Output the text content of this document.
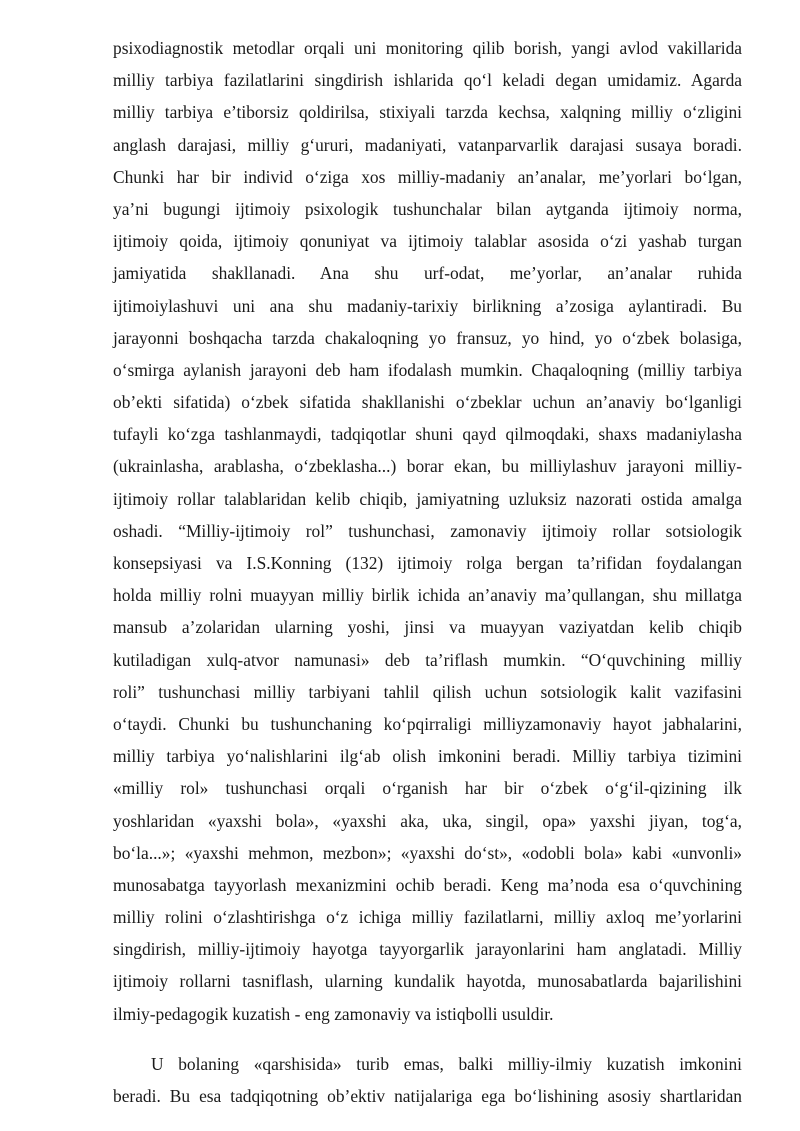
psixodiagnostik metodlar orqali uni monitoring qilib borish, yangi avlod vakillarida
milliy tarbiya fazilatlarini singdirish ishlarida qo‘l keladi degan umidamiz. Agarda
milliy tarbiya e’tiborsiz qoldirilsa, stixiyali tarzda kechsa, xalqning milliy o‘zligini
anglash darajasi, milliy g‘ururi, madaniyati, vatanparvarlik darajasi susaya boradi.
Chunki har bir individ o‘ziga xos milliy-madaniy an’analar, me’yorlari bo‘lgan,
ya’ni bugungi ijtimoiy psixologik tushunchalar bilan aytganda ijtimoiy norma,
ijtimoiy qoida, ijtimoiy qonuniyat va ijtimoiy talablar asosida o‘zi yashab turgan
jamiyatida shakllanadi. Ana shu urf-odat, me’yorlar, an’analar ruhida
ijtimoiylashuvi uni ana shu madaniy-tarixiy birlikning a’zosiga aylantiradi. Bu
jarayonni boshqacha tarzda chakaloqning yo fransuz, yo hind, yo o‘zbek bolasiga,
o‘smirga aylanish jarayoni deb ham ifodalash mumkin. Chaqaloqning (milliy tarbiya
ob’ekti sifatida) o‘zbek sifatida shakllanishi o‘zbeklar uchun an’anaviy bo‘lganligi
tufayli ko‘zga tashlanmaydi, tadqiqotlar shuni qayd qilmoqdaki, shaxs madaniylasha
(ukrainlasha, arablasha, o‘zbeklasha...) borar ekan, bu milliylashuv jarayoni milliy-
ijtimoiy rollar talablaridan kelib chiqib, jamiyatning uzluksiz nazorati ostida amalga
oshadi. “Milliy-ijtimoiy rol” tushunchasi, zamonaviy ijtimoiy rollar sotsiologik
konsepsiyasi va I.S.Konning (132) ijtimoiy rolga bergan ta’rifidan foydalangan
holda milliy rolni muayyan milliy birlik ichida an’anaviy ma’qullangan, shu millatga
mansub a’zolaridan ularning yoshi, jinsi va muayyan vaziyatdan kelib chiqib
kutiladigan xulq-atvor namunasi» deb ta’riflash mumkin. “O‘quvchining milliy
roli” tushunchasi milliy tarbiyani tahlil qilish uchun sotsiologik kalit vazifasini
o‘taydi. Chunki bu tushunchaning ko‘pqirraligi milliyzamonaviy hayot jabhalarini,
milliy tarbiya yo‘nalishlarini ilg‘ab olish imkonini beradi. Milliy tarbiya tizimini
«milliy rol» tushunchasi orqali o‘rganish har bir o‘zbek o‘g‘il-qizining ilk
yoshlaridan «yaxshi bola», «yaxshi aka, uka, singil, opa» yaxshi jiyan, tog‘a,
bo‘la...»; «yaxshi mehmon, mezbon»; «yaxshi do‘st», «odobli bola» kabi «unvonli»
munosabatga tayyorlash mexanizmini ochib beradi. Keng ma’noda esa o‘quvchining
milliy rolini o‘zlashtirishga o‘z ichiga milliy fazilatlarni, milliy axloq me’yorlarini
singdirish, milliy-ijtimoiy hayotga tayyorgarlik jarayonlarini ham anglatadi. Milliy
ijtimoiy rollarni tasniflash, ularning kundalik hayotda, munosabatlarda bajarilishini
ilmiy-pedagogik kuzatish - eng zamonaviy va istiqbolli usuldir.
U bolaning «qarshisida» turib emas, balki milliy-ilmiy kuzatish imkonini
beradi. Bu esa tadqiqotning ob’ektiv natijalariga ega bo‘lishining asosiy shartlaridan
